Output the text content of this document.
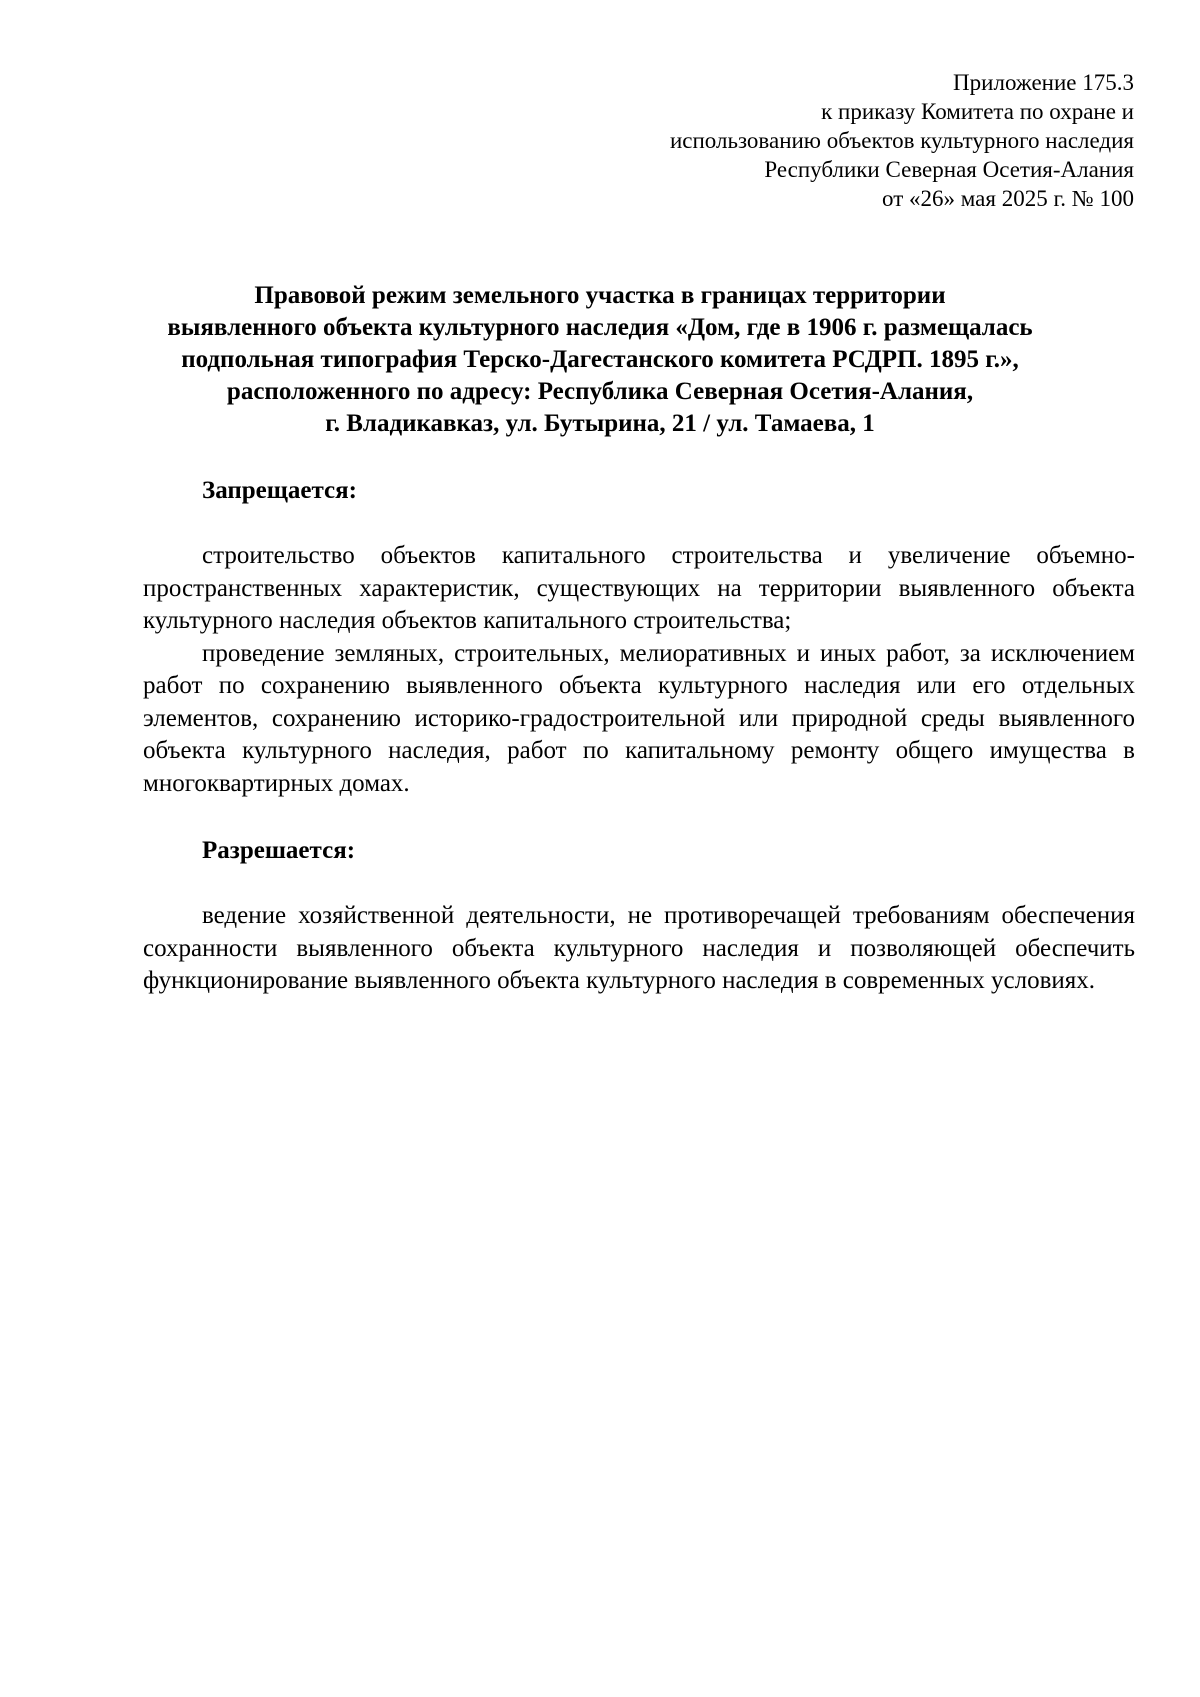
Приложение 175.3
к приказу Комитета по охране и
использованию объектов культурного наследия
Республики Северная Осетия-Алания
от «26» мая 2025 г. № 100
Правовой режим земельного участка в границах территории
выявленного объекта культурного наследия «Дом, где в 1906 г. размещалась
подпольная типография Терско-Дагестанского комитета РСДРП. 1895 г.»,
расположенного по адресу: Республика Северная Осетия-Алания,
г. Владикавказ, ул. Бутырина, 21 / ул. Тамаева, 1

Запрещается:

строительство объектов капитального строительства и увеличение объемно-пространственных характеристик, существующих на территории выявленного объекта культурного наследия объектов капитального строительства;

проведение земляных, строительных, мелиоративных и иных работ, за исключением работ по сохранению выявленного объекта культурного наследия или его отдельных элементов, сохранению историко-градостроительной или природной среды выявленного объекта культурного наследия, работ по капитальному ремонту общего имущества в многоквартирных домах.

Разрешается:

ведение хозяйственной деятельности, не противоречащей требованиям обеспечения сохранности выявленного объекта культурного наследия и позволяющей обеспечить функционирование выявленного объекта культурного наследия в современных условиях.
